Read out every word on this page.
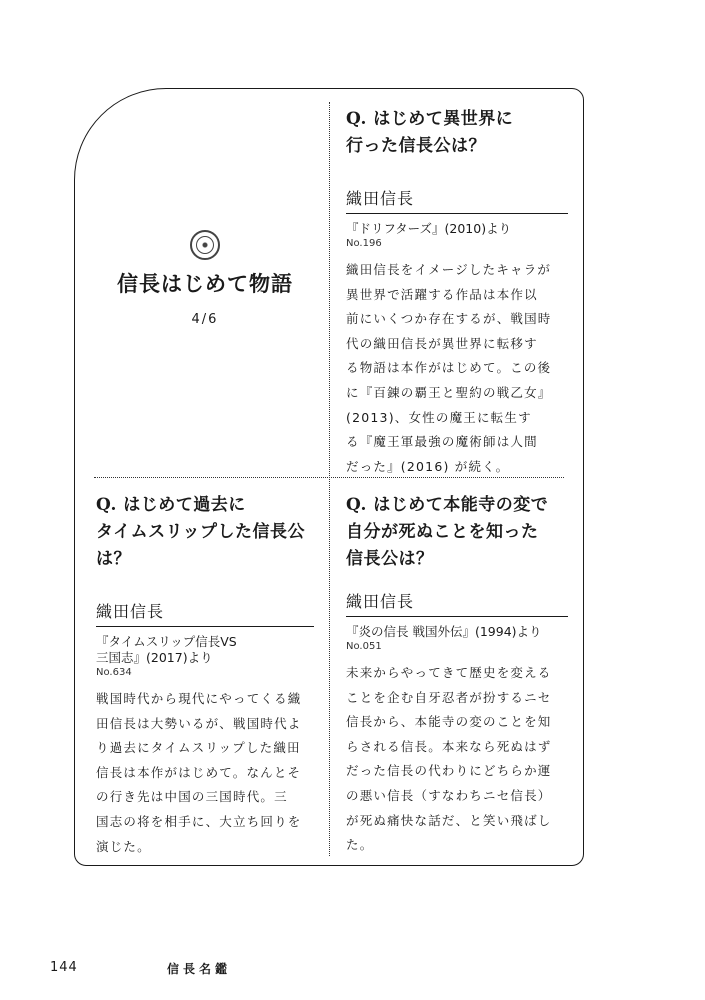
信長はじめて物語
4/6
Q. はじめて異世界に
行った信長公は？
織田信長
『ドリフターズ』(2010)より
No.196
織田信長をイメージしたキャラが
異世界で活躍する作品は本作以
前にいくつか存在するが、戦国時
代の織田信長が異世界に転移す
る物語は本作がはじめて。この後
に『百錬の覇王と聖約の戦乙女』
(2013)、女性の魔王に転生す
る『魔王軍最強の魔術師は人間
だった』(2016) が続く。
Q. はじめて過去に
タイムスリップした信長公は？
織田信長
『タイムスリップ信長VS
三国志』(2017)より
No.634
戦国時代から現代にやってくる織
田信長は大勢いるが、戦国時代よ
り過去にタイムスリップした織田
信長は本作がはじめて。なんとそ
の行き先は中国の三国時代。三
国志の将を相手に、大立ち回りを
演じた。
Q. はじめて本能寺の変で
自分が死ぬことを知った
信長公は？
織田信長
『炎の信長 戦国外伝』(1994)より
No.051
未来からやってきて歴史を変える
ことを企む自牙忍者が扮するニセ
信長から、本能寺の変のことを知
らされる信長。本来なら死ぬはず
だった信長の代わりにどちらか運
の悪い信長（すなわちニセ信長）
が死ぬ痛快な話だ、と笑い飛ばし
た。
144	信長名鑑
